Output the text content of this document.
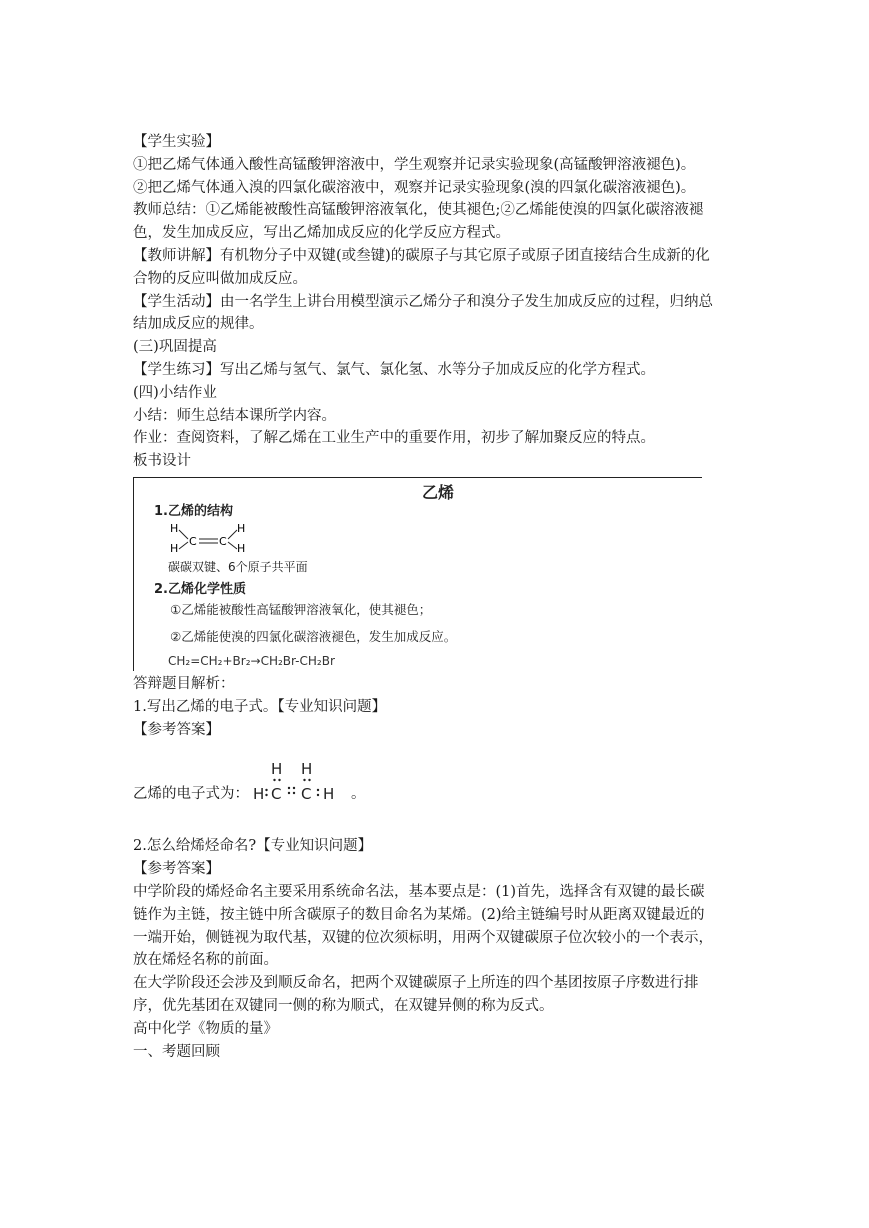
【学生实验】
①把乙烯气体通入酸性高锰酸钾溶液中，学生观察并记录实验现象(高锰酸钾溶液褪色)。
②把乙烯气体通入溴的四氯化碳溶液中，观察并记录实验现象(溴的四氯化碳溶液褪色)。
教师总结：①乙烯能被酸性高锰酸钾溶液氧化，使其褪色;②乙烯能使溴的四氯化碳溶液褪
色，发生加成反应，写出乙烯加成反应的化学反应方程式。
【教师讲解】有机物分子中双键(或叁键)的碳原子与其它原子或原子团直接结合生成新的化
合物的反应叫做加成反应。
【学生活动】由一名学生上讲台用模型演示乙烯分子和溴分子发生加成反应的过程，归纳总
结加成反应的规律。
(三)巩固提高
【学生练习】写出乙烯与氢气、氯气、氯化氢、水等分子加成反应的化学方程式。
(四)小结作业
小结：师生总结本课所学内容。
作业：查阅资料，了解乙烯在工业生产中的重要作用，初步了解加聚反应的特点。
板书设计
乙烯
1.乙烯的结构
H
H
C C
H
H
碳碳双键、6个原子共平面
2.乙烯化学性质
①乙烯能被酸性高锰酸钾溶液氧化，使其褪色；
②乙烯能使溴的四氯化碳溶液褪色，发生加成反应。
CH₂=CH₂+Br₂→CH₂Br-CH₂Br
答辩题目解析：
1.写出乙烯的电子式。【专业知识问题】
【参考答案】
乙烯的电子式为：
H H
H C C H 。
2.怎么给烯烃命名?【专业知识问题】
【参考答案】
中学阶段的烯烃命名主要采用系统命名法，基本要点是：(1)首先，选择含有双键的最长碳
链作为主链，按主链中所含碳原子的数目命名为某烯。(2)给主链编号时从距离双键最近的
一端开始，侧链视为取代基，双键的位次须标明，用两个双键碳原子位次较小的一个表示，
放在烯烃名称的前面。
在大学阶段还会涉及到顺反命名，把两个双键碳原子上所连的四个基团按原子序数进行排
序，优先基团在双键同一侧的称为顺式，在双键异侧的称为反式。
高中化学《物质的量》
一、考题回顾
